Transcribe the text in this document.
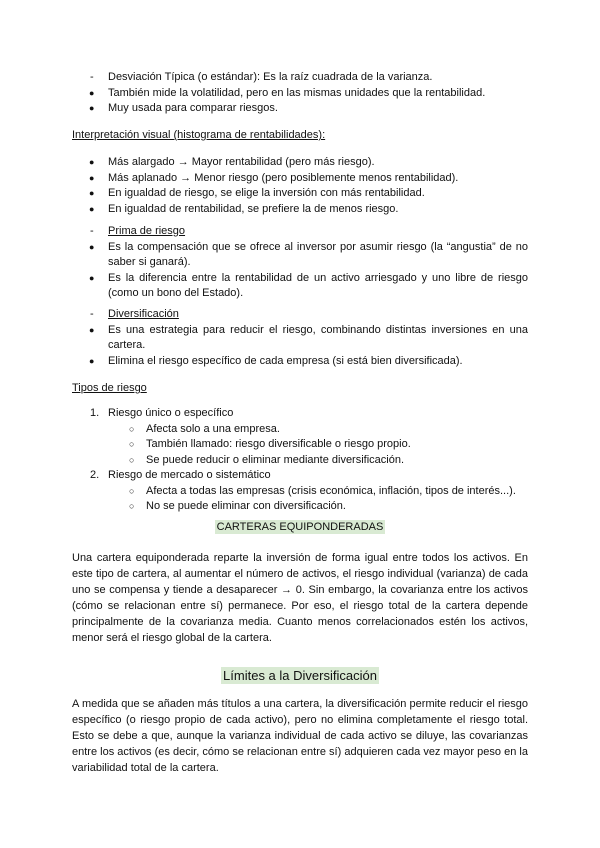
- Desviación Típica (o estándar): Es la raíz cuadrada de la varianza.
● También mide la volatilidad, pero en las mismas unidades que la rentabilidad.
● Muy usada para comparar riesgos.
Interpretación visual (histograma de rentabilidades):
● Más alargado → Mayor rentabilidad (pero más riesgo).
● Más aplanado → Menor riesgo (pero posiblemente menos rentabilidad).
● En igualdad de riesgo, se elige la inversión con más rentabilidad.
● En igualdad de rentabilidad, se prefiere la de menos riesgo.
- Prima de riesgo
● Es la compensación que se ofrece al inversor por asumir riesgo (la “angustia” de no saber si ganará).
● Es la diferencia entre la rentabilidad de un activo arriesgado y uno libre de riesgo (como un bono del Estado).
- Diversificación
● Es una estrategia para reducir el riesgo, combinando distintas inversiones en una cartera.
● Elimina el riesgo específico de cada empresa (si está bien diversificada).
Tipos de riesgo
1. Riesgo único o específico
○ Afecta solo a una empresa.
○ También llamado: riesgo diversificable o riesgo propio.
○ Se puede reducir o eliminar mediante diversificación.
2. Riesgo de mercado o sistemático
○ Afecta a todas las empresas (crisis económica, inflación, tipos de interés...).
○ No se puede eliminar con diversificación.
CARTERAS EQUIPONDERADAS
Una cartera equiponderada reparte la inversión de forma igual entre todos los activos. En este tipo de cartera, al aumentar el número de activos, el riesgo individual (varianza) de cada uno se compensa y tiende a desaparecer → 0. Sin embargo, la covarianza entre los activos (cómo se relacionan entre sí) permanece. Por eso, el riesgo total de la cartera depende principalmente de la covarianza media. Cuanto menos correlacionados estén los activos, menor será el riesgo global de la cartera.
Límites a la Diversificación
A medida que se añaden más títulos a una cartera, la diversificación permite reducir el riesgo específico (o riesgo propio de cada activo), pero no elimina completamente el riesgo total. Esto se debe a que, aunque la varianza individual de cada activo se diluye, las covarianzas entre los activos (es decir, cómo se relacionan entre sí) adquieren cada vez mayor peso en la variabilidad total de la cartera.
